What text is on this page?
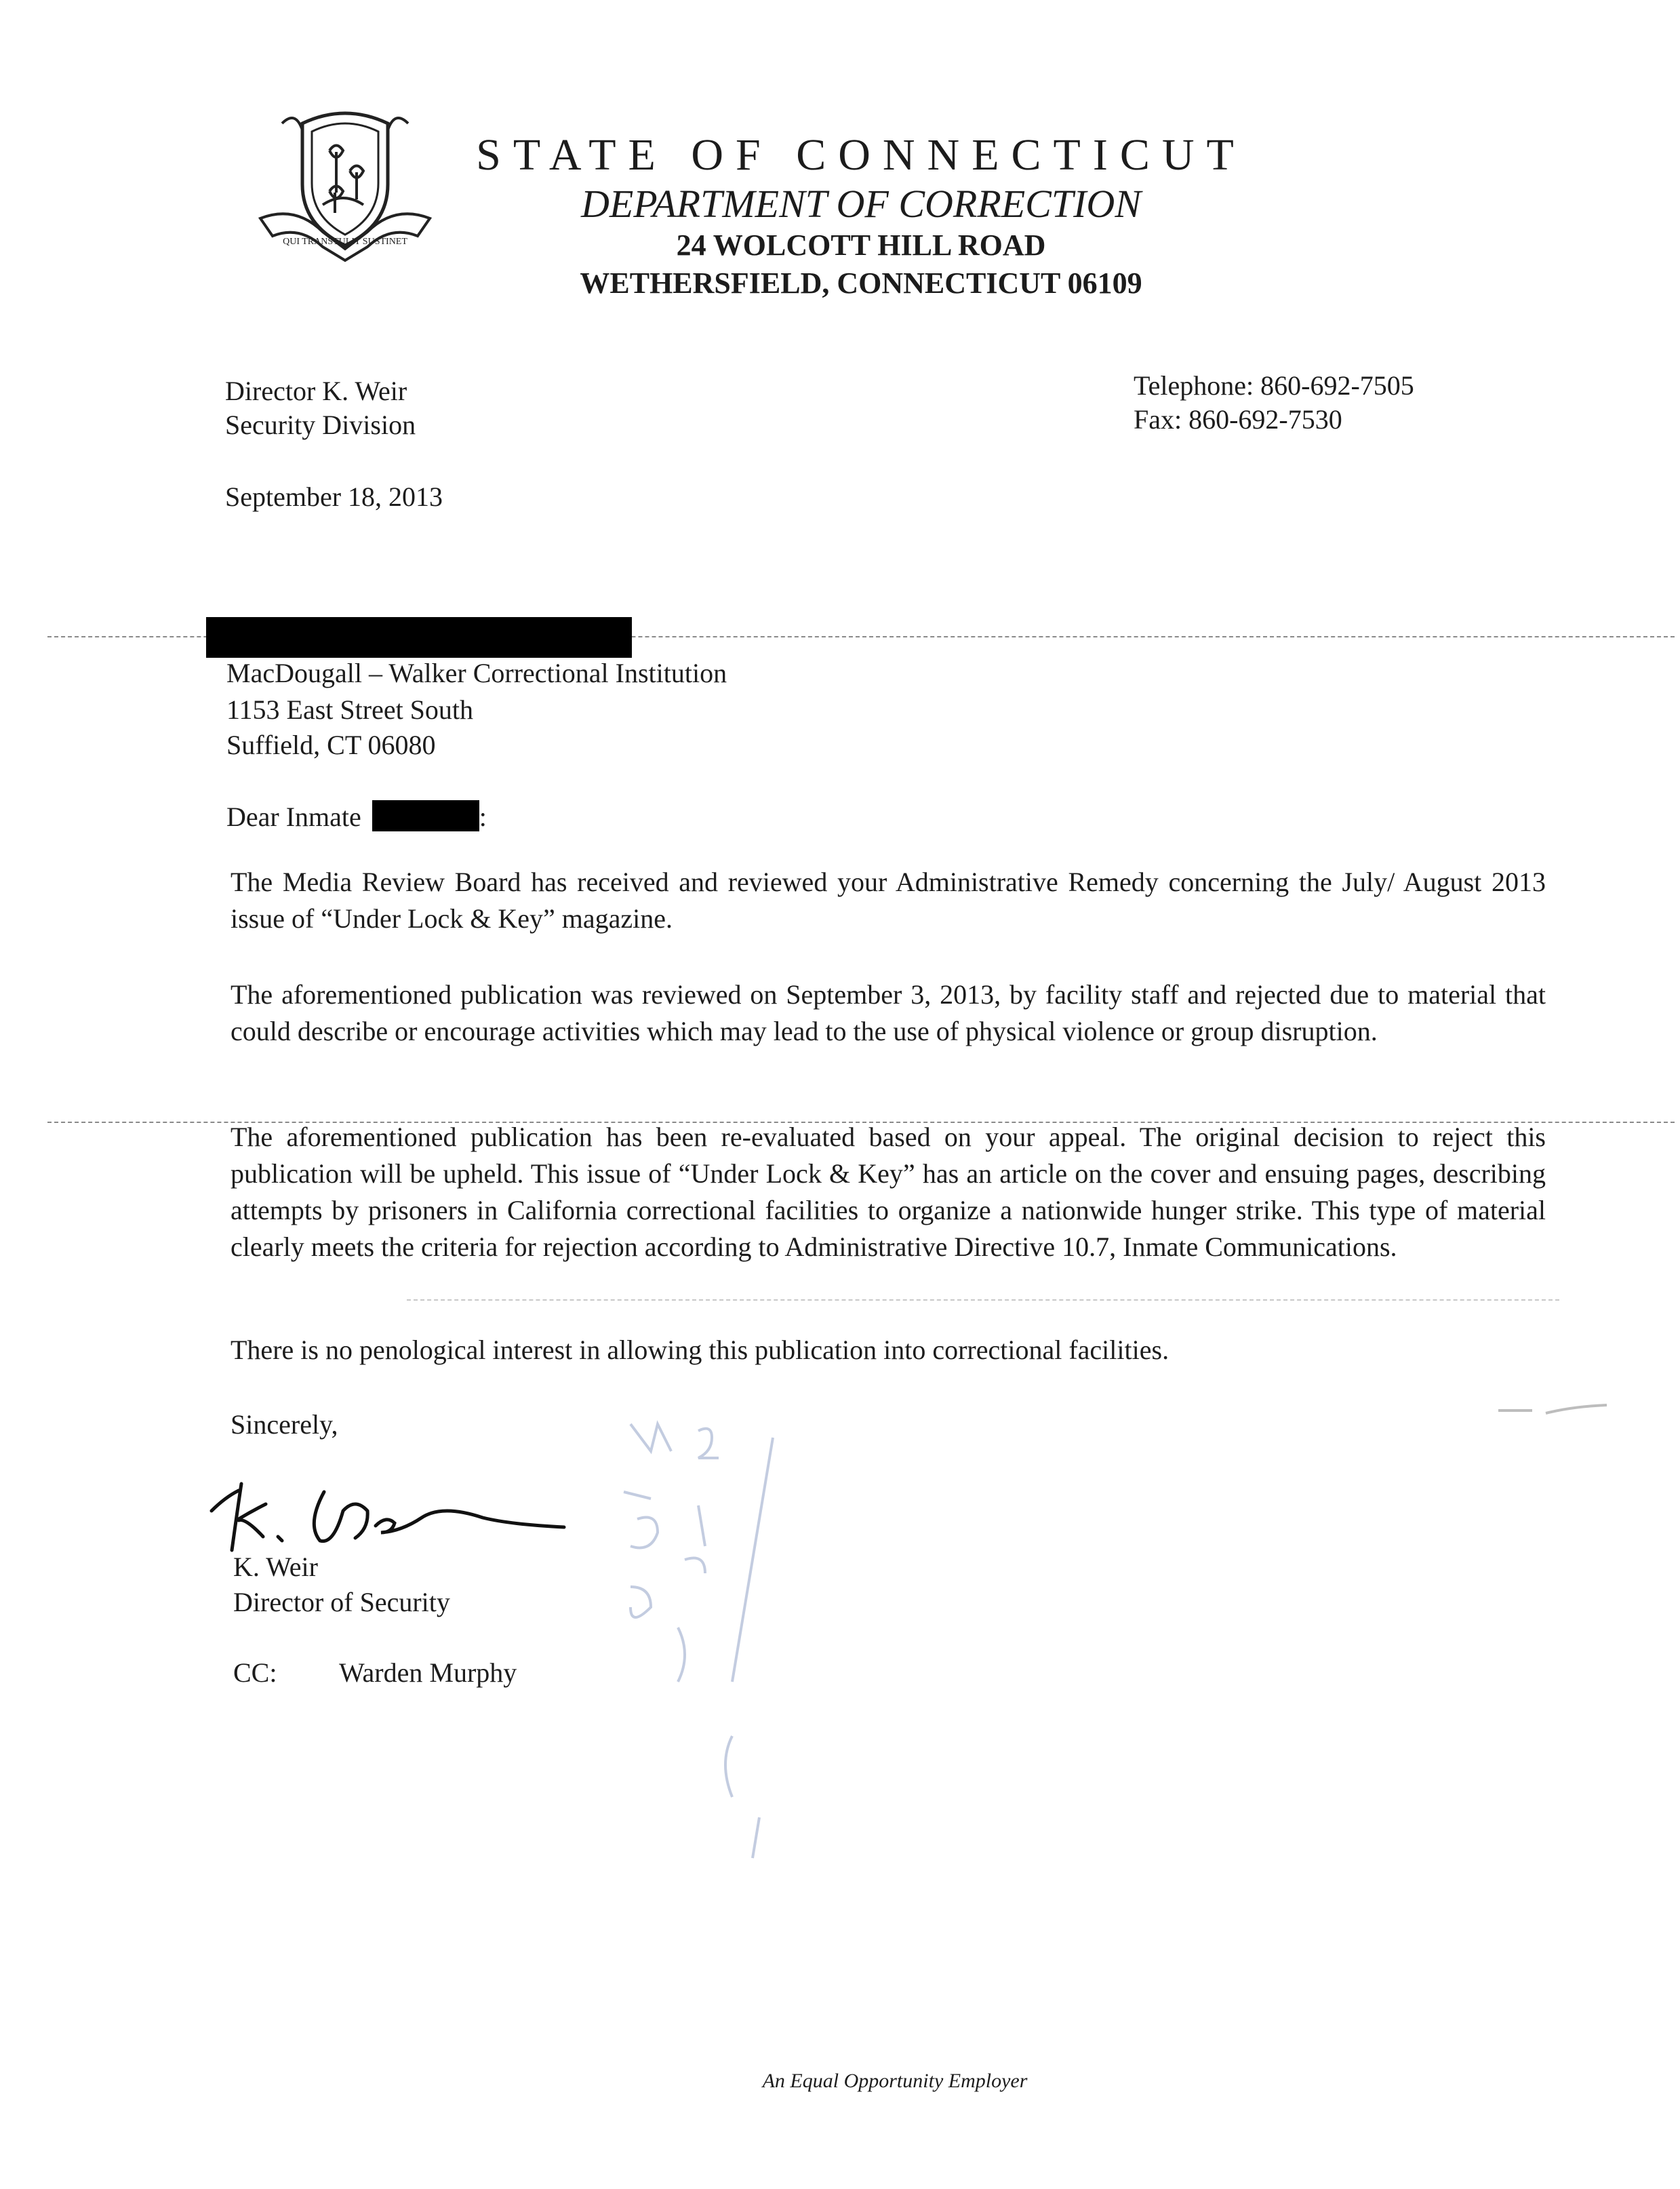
QUI TRANSTULIT SUSTINET
STATE OF CONNECTICUT
DEPARTMENT OF CORRECTION
24 WOLCOTT HILL ROAD
WETHERSFIELD, CONNECTICUT 06109
Director K. Weir
Security Division
Telephone: 860-692-7505
Fax: 860-692-7530
September 18, 2013
MacDougall – Walker Correctional Institution
1153 East Street South
Suffield, CT 06080
Dear Inmate	:
The Media Review Board has received and reviewed your Administrative Remedy concerning the July/ August 2013 issue of “Under Lock & Key” magazine.
The aforementioned publication was reviewed on September 3, 2013, by facility staff and rejected due to material that could describe or encourage activities which may lead to the use of physical violence or group disruption.
The aforementioned publication has been re-evaluated based on your appeal. The original decision to reject this publication will be upheld. This issue of “Under Lock & Key” has an article on the cover and ensuing pages, describing attempts by prisoners in California correctional facilities to organize a nationwide hunger strike. This type of material clearly meets the criteria for rejection according to Administrative Directive 10.7, Inmate Communications.
There is no penological interest in allowing this publication into correctional facilities.
Sincerely,
K. Weir
Director of Security
CC: Warden Murphy
An Equal Opportunity Employer
